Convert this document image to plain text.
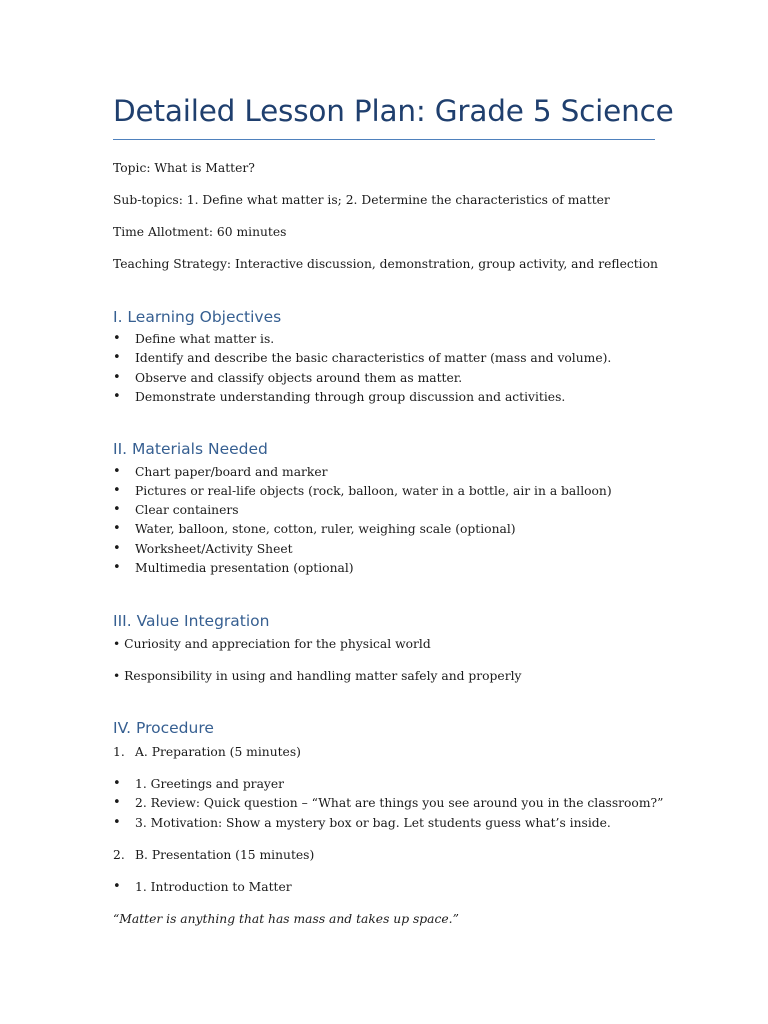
Detailed Lesson Plan: Grade 5 Science
Topic: What is Matter?
Sub-topics: 1. Define what matter is; 2. Determine the characteristics of matter
Time Allotment: 60 minutes
Teaching Strategy: Interactive discussion, demonstration, group activity, and reflection
I. Learning Objectives
•	Define what matter is.
•	Identify and describe the basic characteristics of matter (mass and volume).
•	Observe and classify objects around them as matter.
•	Demonstrate understanding through group discussion and activities.
II. Materials Needed
•	Chart paper/board and marker
•	Pictures or real-life objects (rock, balloon, water in a bottle, air in a balloon)
•	Clear containers
•	Water, balloon, stone, cotton, ruler, weighing scale (optional)
•	Worksheet/Activity Sheet
•	Multimedia presentation (optional)
III. Value Integration
• Curiosity and appreciation for the physical world
• Responsibility in using and handling matter safely and properly
IV. Procedure
1. A. Preparation (5 minutes)
•	1. Greetings and prayer
•	2. Review: Quick question – “What are things you see around you in the classroom?”
•	3. Motivation: Show a mystery box or bag. Let students guess what’s inside.
2. B. Presentation (15 minutes)
•	1. Introduction to Matter
“Matter is anything that has mass and takes up space.”
